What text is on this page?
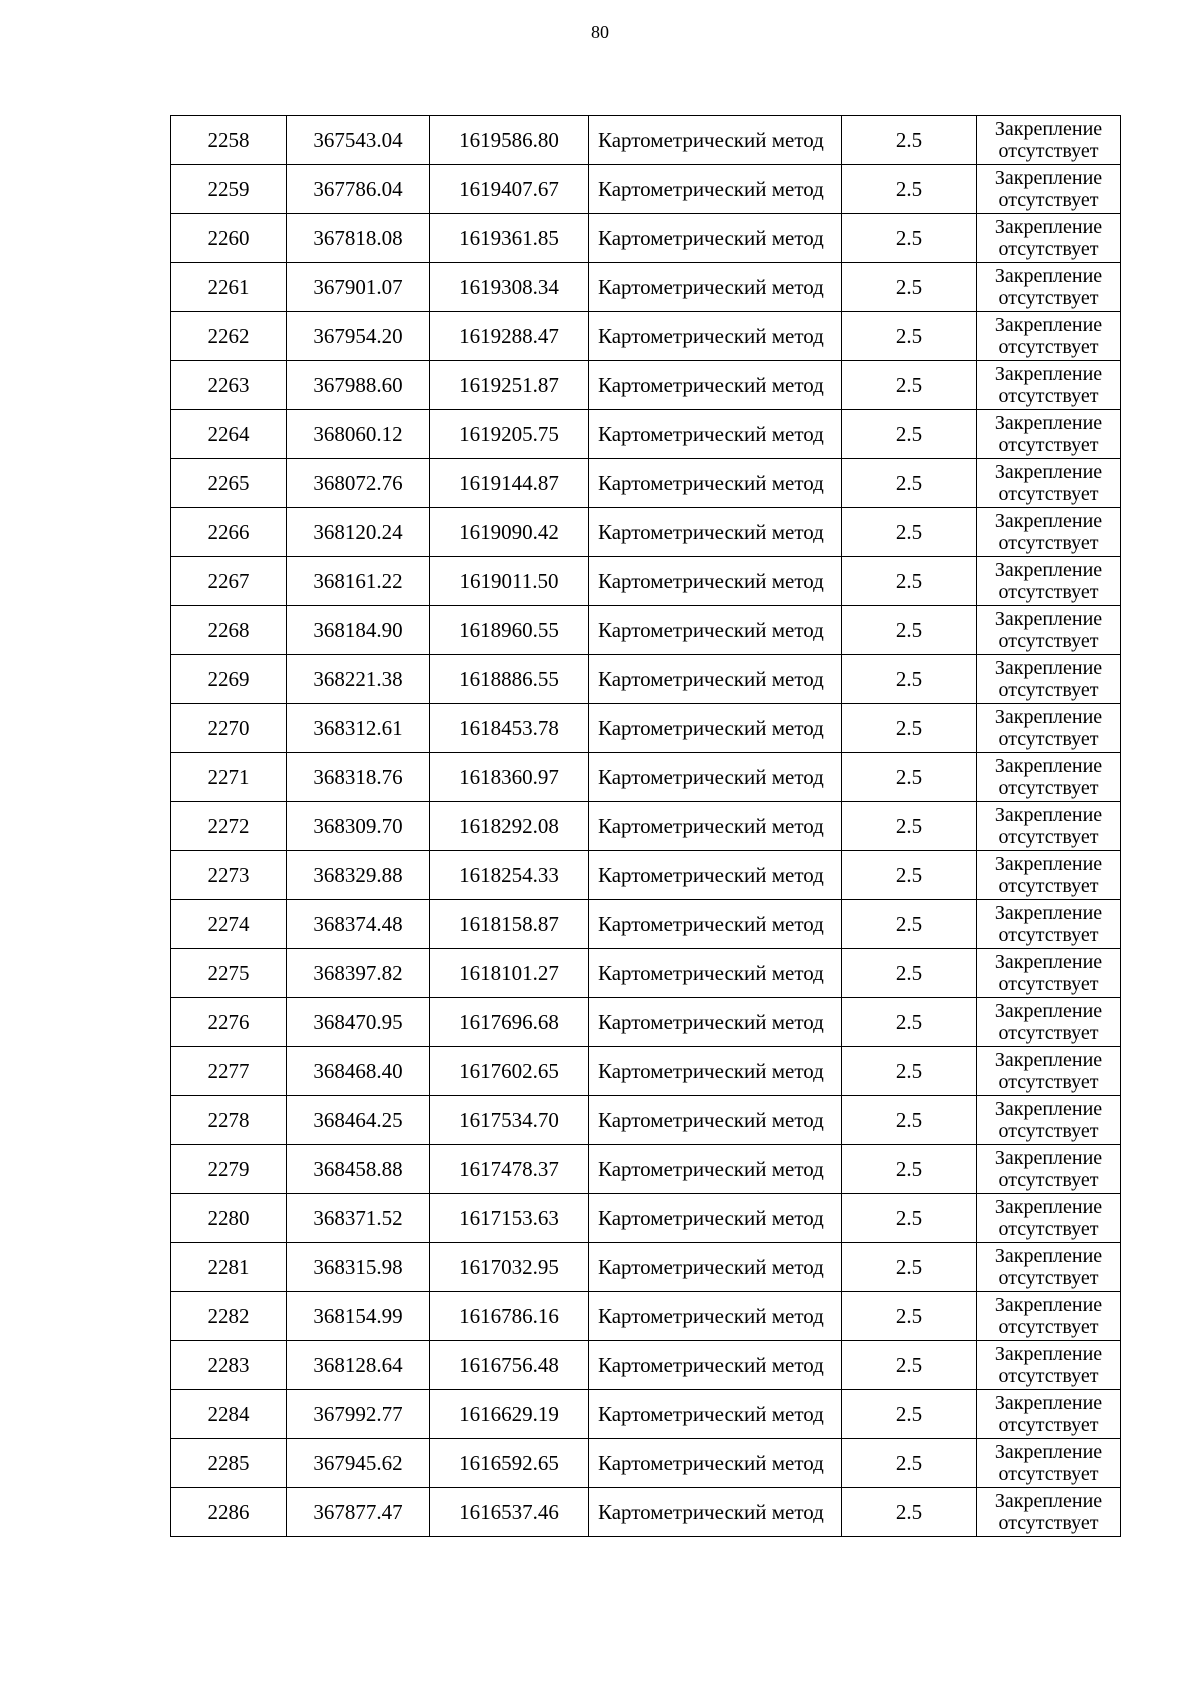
80
2258	367543.04	1619586.80	Картометрический метод	2.5	Закрепление
отсутствует

2259	367786.04	1619407.67	Картометрический метод	2.5	Закрепление
отсутствует

2260	367818.08	1619361.85	Картометрический метод	2.5	Закрепление
отсутствует

2261	367901.07	1619308.34	Картометрический метод	2.5	Закрепление
отсутствует

2262	367954.20	1619288.47	Картометрический метод	2.5	Закрепление
отсутствует

2263	367988.60	1619251.87	Картометрический метод	2.5	Закрепление
отсутствует

2264	368060.12	1619205.75	Картометрический метод	2.5	Закрепление
отсутствует

2265	368072.76	1619144.87	Картометрический метод	2.5	Закрепление
отсутствует

2266	368120.24	1619090.42	Картометрический метод	2.5	Закрепление
отсутствует

2267	368161.22	1619011.50	Картометрический метод	2.5	Закрепление
отсутствует

2268	368184.90	1618960.55	Картометрический метод	2.5	Закрепление
отсутствует

2269	368221.38	1618886.55	Картометрический метод	2.5	Закрепление
отсутствует

2270	368312.61	1618453.78	Картометрический метод	2.5	Закрепление
отсутствует

2271	368318.76	1618360.97	Картометрический метод	2.5	Закрепление
отсутствует

2272	368309.70	1618292.08	Картометрический метод	2.5	Закрепление
отсутствует

2273	368329.88	1618254.33	Картометрический метод	2.5	Закрепление
отсутствует

2274	368374.48	1618158.87	Картометрический метод	2.5	Закрепление
отсутствует

2275	368397.82	1618101.27	Картометрический метод	2.5	Закрепление
отсутствует

2276	368470.95	1617696.68	Картометрический метод	2.5	Закрепление
отсутствует

2277	368468.40	1617602.65	Картометрический метод	2.5	Закрепление
отсутствует

2278	368464.25	1617534.70	Картометрический метод	2.5	Закрепление
отсутствует

2279	368458.88	1617478.37	Картометрический метод	2.5	Закрепление
отсутствует

2280	368371.52	1617153.63	Картометрический метод	2.5	Закрепление
отсутствует

2281	368315.98	1617032.95	Картометрический метод	2.5	Закрепление
отсутствует

2282	368154.99	1616786.16	Картометрический метод	2.5	Закрепление
отсутствует

2283	368128.64	1616756.48	Картометрический метод	2.5	Закрепление
отсутствует

2284	367992.77	1616629.19	Картометрический метод	2.5	Закрепление
отсутствует

2285	367945.62	1616592.65	Картометрический метод	2.5	Закрепление
отсутствует

2286	367877.47	1616537.46	Картометрический метод	2.5	Закрепление
отсутствует
